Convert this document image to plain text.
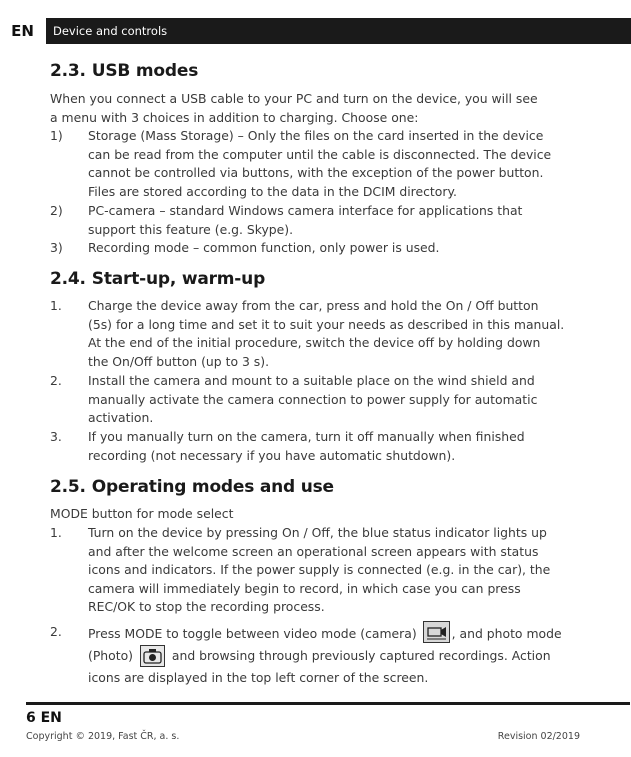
EN	Device and controls
2.3. USB modes

When you connect a USB cable to your PC and turn on the device, you will see
a menu with 3 choices in addition to charging. Choose one:

1) Storage (Mass Storage) – Only the files on the card inserted in the device
can be read from the computer until the cable is disconnected. The device
cannot be controlled via buttons, with the exception of the power button.
Files are stored according to the data in the DCIM directory.
2) PC-camera – standard Windows camera interface for applications that
support this feature (e.g. Skype).
3) Recording mode – common function, only power is used.
2.4. Start-up, warm-up
1. Charge the device away from the car, press and hold the On / Off button
(5s) for a long time and set it to suit your needs as described in this manual.
At the end of the initial procedure, switch the device off by holding down
the On/Off button (up to 3 s).
2. Install the camera and mount to a suitable place on the wind shield and
manually activate the camera connection to power supply for automatic
activation.
3. If you manually turn on the camera, turn it off manually when finished
recording (not necessary if you have automatic shutdown).
2.5. Operating modes and use

MODE button for mode select

1. Turn on the device by pressing On / Off, the blue status indicator lights up
and after the welcome screen an operational screen appears with status
icons and indicators. If the power supply is connected (e.g. in the car), the
camera will immediately begin to record, in which case you can press
REC/OK to stop the recording process.
2. Press MODE to toggle between video mode (camera)	, and photo mode
(Photo)	and browsing through previously captured recordings. Action
icons are displayed in the top left corner of the screen.
6 EN
Copyright © 2019, Fast ČR, a. s.	Revision 02/2019
